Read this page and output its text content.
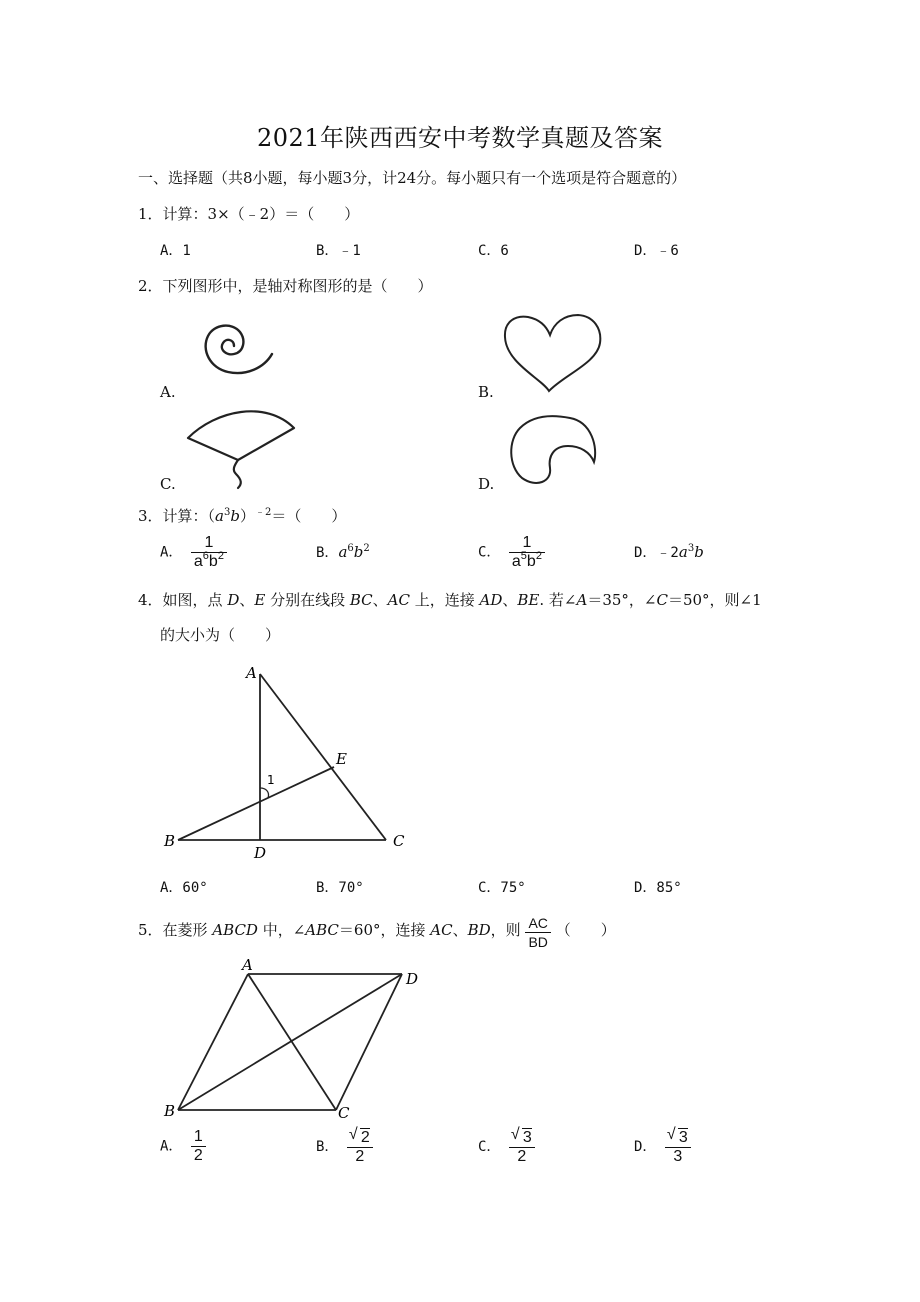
2021年陕西西安中考数学真题及答案
一、选择题（共8小题，每小题3分，计24分。每小题只有一个选项是符合题意的）
1．计算：3×（﹣2）＝（　　）
A．1	B．﹣1	C．6	D．﹣6
2．下列图形中，是轴对称图形的是（　　）
A.	B.
C.	D.
3．计算：$(a^3b)^{﹣2}=$（　　）
A． $\frac{1}{a^6b^2}$	B．$a^6b^2$	C． $\frac{1}{a^5b^2}$	D．$﹣2a^3b$
4．如图，点 D、E 分别在线段 BC、AC 上，连接 AD、BE. 若∠A＝35°，∠C＝50°，则∠1
的大小为（　　）
A
B	C
D
E
1
A．60°	B．70°	C．75°	D．85°
5．在菱形 ABCD 中，∠ABC＝60°，连接 AC、BD，则 $\frac{AC}{BD}$ （　　）
A
B	C
D
A． $\frac{1}{2}$	B． √ $\frac{2}{2}$	C． √ $\frac{3}{2}$	D． √ $\frac{3}{3}$
